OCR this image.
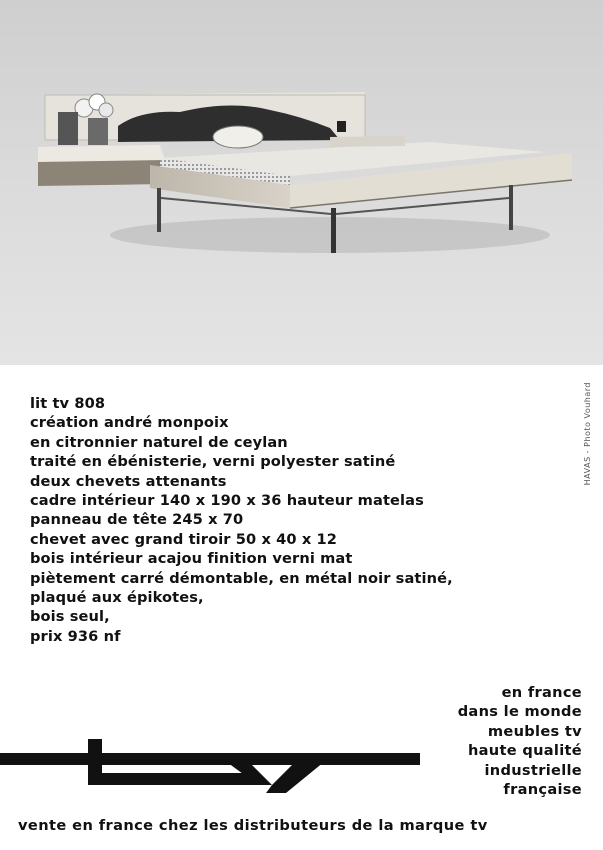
HAVAS - Photo Vouhard
lit tv 808
création andré monpoix
en citronnier naturel de ceylan
traité en ébénisterie, verni polyester satiné
deux chevets attenants
cadre intérieur 140 x 190 x 36 hauteur matelas
panneau de tête 245 x 70
chevet avec grand tiroir 50 x 40 x 12
bois intérieur acajou finition verni mat
piètement carré démontable, en métal noir satiné,
plaqué aux épikotes,
bois seul,
prix 936 nf
en france
dans le monde
meubles tv
haute qualité
industrielle
française
vente en france chez les distributeurs de la marque tv
